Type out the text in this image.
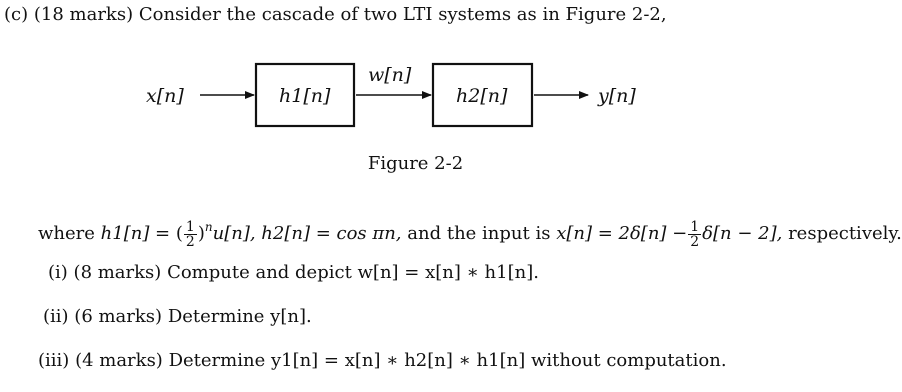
(c) (18 marks) Consider the cascade of two LTI systems as in Figure 2-2,
x[n]	h1[n]
w[n]
h2[n]	y[n]
Figure 2-2
where h1[n] = ( $\frac{1}{2} )^nu[n]$, h2[n] = cos πn, and the input is $x[n] = 2\delta[n] - \frac{1}{2} \delta[n - 2]$, respectively.
(i) (8 marks) Compute and depict w[n] = x[n] ∗ h1[n].
(ii) (6 marks) Determine y[n].
(iii) (4 marks) Determine y1[n] = x[n] ∗ h2[n] ∗ h1[n] without computation.
